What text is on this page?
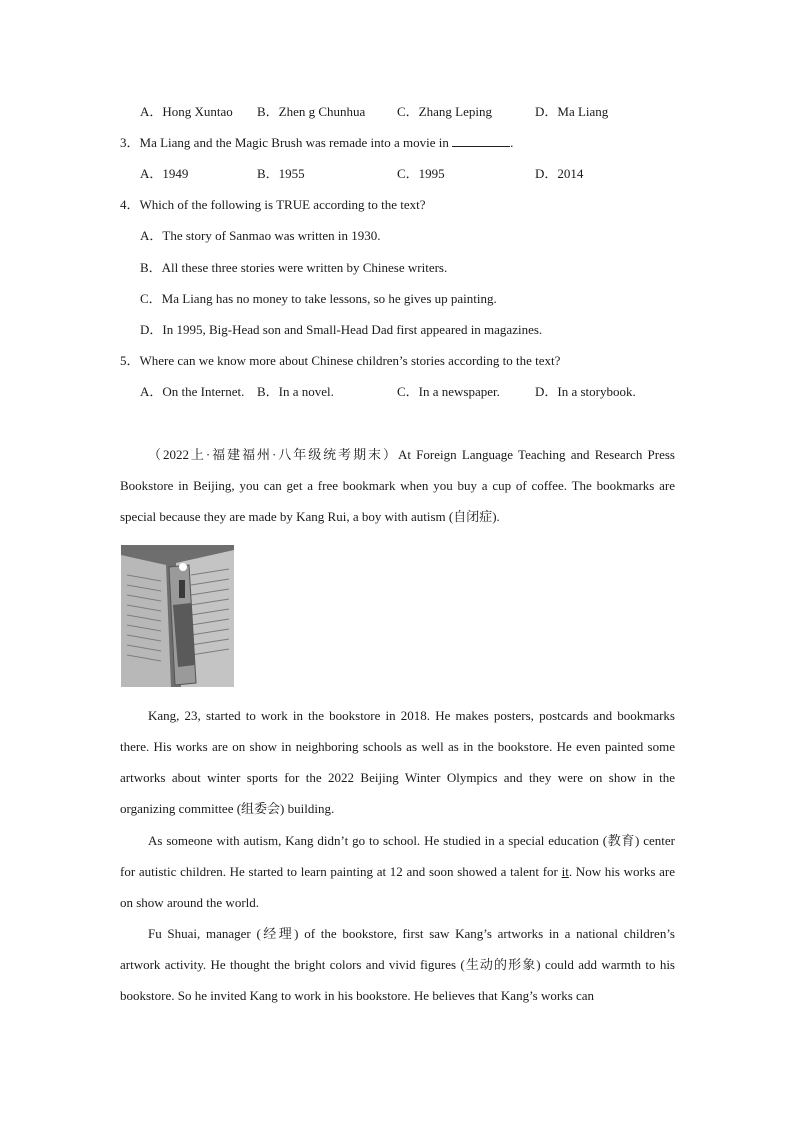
A．Hong Xuntao B．Zhen g Chunhua C．Zhang Leping	D．Ma Liang
3．Ma Liang and the Magic Brush was remade into a movie in	.
A．1949	B．1955	C．1995	D．2014
4．Which of the following is TRUE according to the text?
A．The story of Sanmao was written in 1930.
B．All these three stories were written by Chinese writers.
C．Ma Liang has no money to take lessons, so he gives up painting.
D．In 1995, Big-Head son and Small-Head Dad first appeared in magazines.
5．Where can we know more about Chinese children’s stories according to the text?
A．On the Internet. B．In a novel.	C．In a newspaper.	D．In a storybook.
（2022上·福建福州·八年级统考期末）At Foreign Language Teaching and Research Press Bookstore in Beijing, you can get a free bookmark when you buy a cup of coffee. The bookmarks are special because they are made by Kang Rui, a boy with autism (自闭症).
Kang, 23, started to work in the bookstore in 2018. He makes posters, postcards and bookmarks there. His works are on show in neighboring schools as well as in the bookstore. He even painted some artworks about winter sports for the 2022 Beijing Winter Olympics and they were on show in the organizing committee (组委会) building.
As someone with autism, Kang didn’t go to school. He studied in a special education (教育) center for autistic children. He started to learn painting at 12 and soon showed a talent for it. Now his works are on show around the world.
Fu Shuai, manager (经理) of the bookstore, first saw Kang’s artworks in a national children’s artwork activity. He thought the bright colors and vivid figures (生动的形象) could add warmth to his bookstore. So he invited Kang to work in his bookstore. He believes that Kang’s works can
